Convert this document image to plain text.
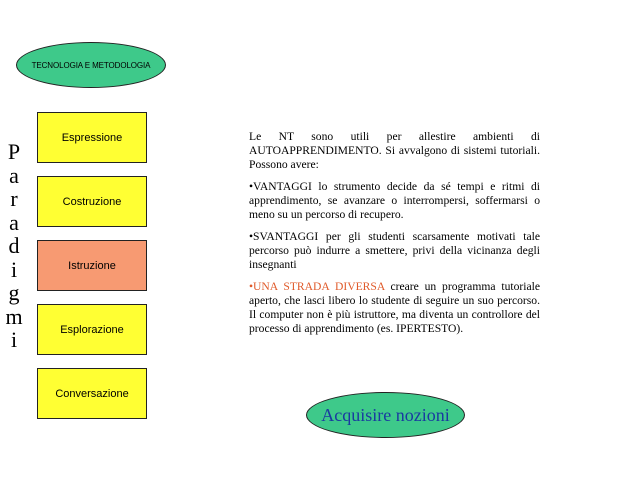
TECNOLOGIA E METODOLOGIA
P
a
r
a
d
i
g
m
i
Espressione
Costruzione
Istruzione
Esplorazione
Conversazione

Le NT sono utili per allestire ambienti di AUTOAPPRENDIMENTO. Si avvalgono di sistemi tutoriali. Possono avere:

•VANTAGGI lo strumento decide da sé tempi e ritmi di apprendimento, se avanzare o interrompersi, soffermarsi o meno su un percorso di recupero.

•SVANTAGGI per gli studenti scarsamente motivati tale percorso può indurre a smettere, privi della vicinanza degli insegnanti

•UNA STRADA DIVERSA creare un programma tutoriale aperto, che lasci libero lo studente di seguire un suo percorso. Il computer non è più istruttore, ma diventa un controllore del processo di apprendimento (es. IPERTESTO).

Acquisire nozioni
